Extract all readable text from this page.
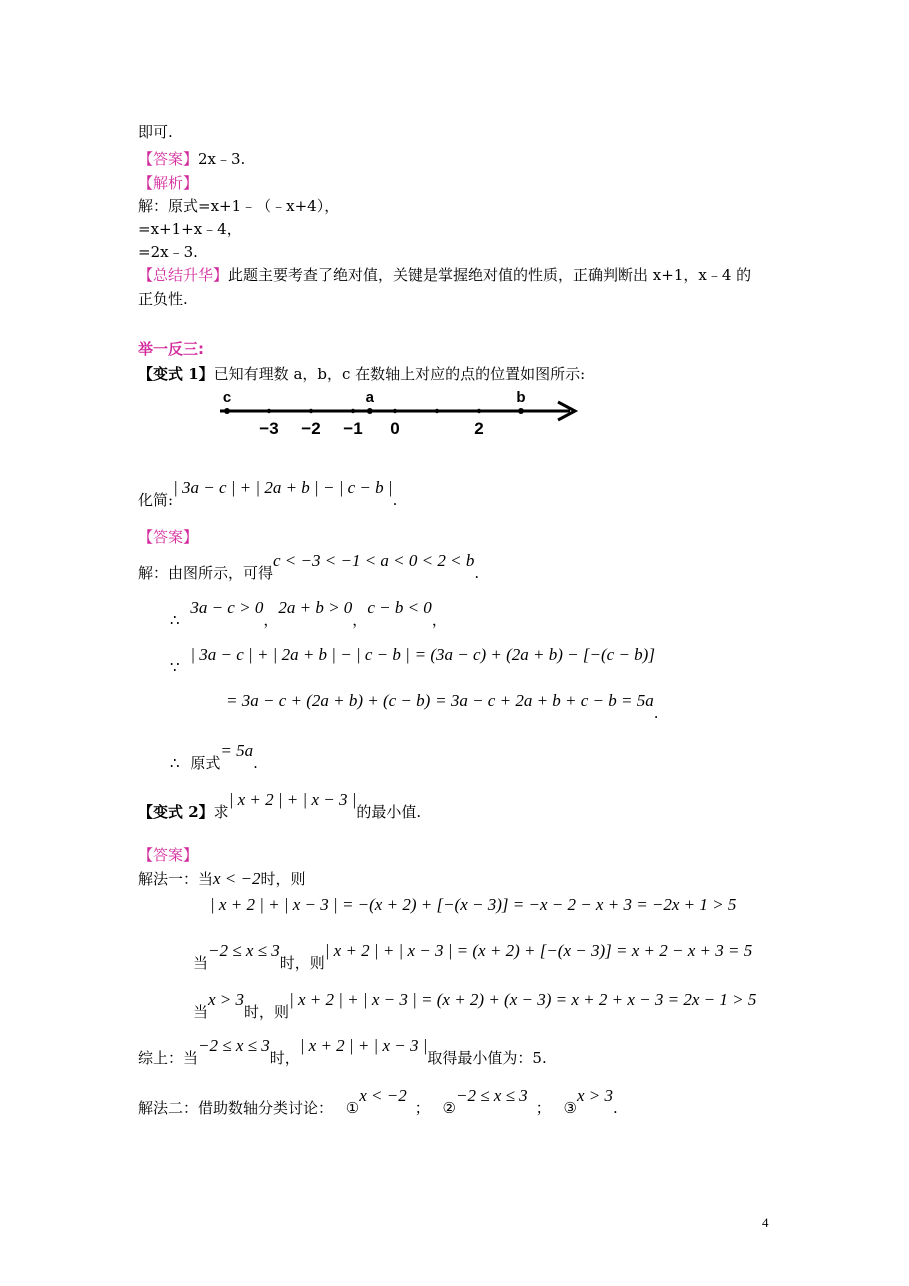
即可.
【答案】2x﹣3.
【解析】
解：原式=x+1﹣（﹣x+4），
=x+1+x﹣4，
=2x﹣3.
【总结升华】此题主要考查了绝对值，关键是掌握绝对值的性质，正确判断出 x+1，x﹣4 的
正负性.
举一反三:
【变式 1】已知有理数 a，b，c 在数轴上对应的点的位置如图所示:
c	a	b
−3 −2 −1 0	2
化简:| 3a − c | + | 2a + b | − | c − b |.
【答案】
解：由图所示，可得c < −3 < −1 < a < 0 < 2 < b.
∴ 3a − c > 0，2a + b > 0，c − b < 0，
∵ | 3a − c | + | 2a + b | − | c − b | = (3a − c) + (2a + b) − [−(c − b)]
= 3a − c + (2a + b) + (c − b) = 3a − c + 2a + b + c − b = 5a.
∴ 原式= 5a.
【变式 2】求| x + 2 | + | x − 3 |的最小值.
【答案】
解法一：当x < −2时，则
| x + 2 | + | x − 3 | = −(x + 2) + [−(x − 3)] = −x − 2 − x + 3 = −2x + 1 > 5
当−2 ≤ x ≤ 3时，则| x + 2 | + | x − 3 | = (x + 2) + [−(x − 3)] = x + 2 − x + 3 = 5
当x > 3时，则| x + 2 | + | x − 3 | = (x + 2) + (x − 3) = x + 2 + x − 3 = 2x − 1 > 5
综上：当−2 ≤ x ≤ 3时，| x + 2 | + | x − 3 |取得最小值为：5.
解法二：借助数轴分类讨论： ①x < −2； ②−2 ≤ x ≤ 3； ③x > 3.
4
